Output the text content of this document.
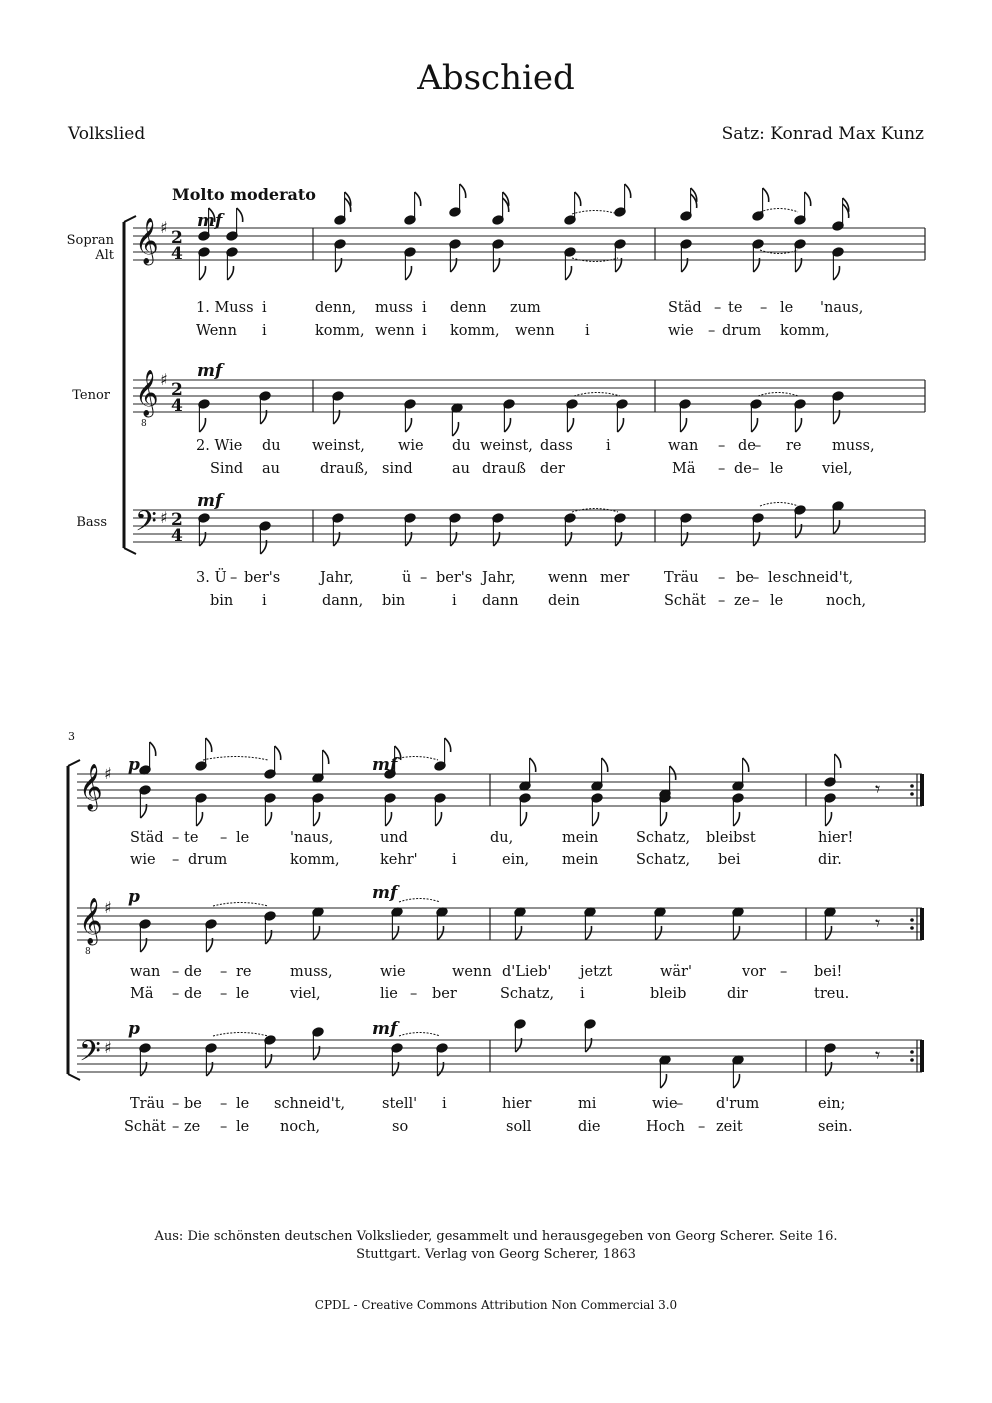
Abschied
Volkslied	Satz: Konrad Max Kunz
Molto moderato
Sopran
Alt
Tenor
Bass
3
𝄞 ♯
2
4
𝄞
8
♯
2
4
𝄢 ♯ 2
4
mf
mf
mf
𝄞 ♯
𝄾
𝄞
8
♯
𝄾
𝄢 ♯	𝄾
p	mf
p	mf
p	mf
1. Muss i	denn, muss i denn zum	Städ – te – le 'naus,
Wenn i	komm, wenn i komm, wenn i	wie – drum komm,
2. Wie du weinst, wie du weinst, dass i	wan – de
– re muss,
Sind au	drauß, sind	au drauß der	Mä – de – le	viel,
3. Ü – ber's	Jahr,	ü – ber's Jahr, wenn mer Träu – be
– le schneid't,
bin i	dann, bin	i dann dein	Schät – ze – le	noch,
Städ – te – le	'naus,	und	du,	mein	Schatz, bleibst	hier!
wie – drum	komm,	kehr' i	ein, mein	Schatz, bei	dir.
wan – de – re	muss,	wie	wenn d'Lieb' jetzt	wär'	vor – bei!
Mä – de – le	viel,	lie – ber	Schatz, i	bleib	dir	treu.
Träu – be – le schneid't,	stell' i	hier	mi	wie
– d'rum	ein;
Schät – ze – le noch,	so	soll	die	Hoch – zeit	sein.
Aus: Die schönsten deutschen Volkslieder, gesammelt und herausgegeben von Georg Scherer. Seite 16.
Stuttgart. Verlag von Georg Scherer, 1863
CPDL - Creative Commons Attribution Non Commercial 3.0
